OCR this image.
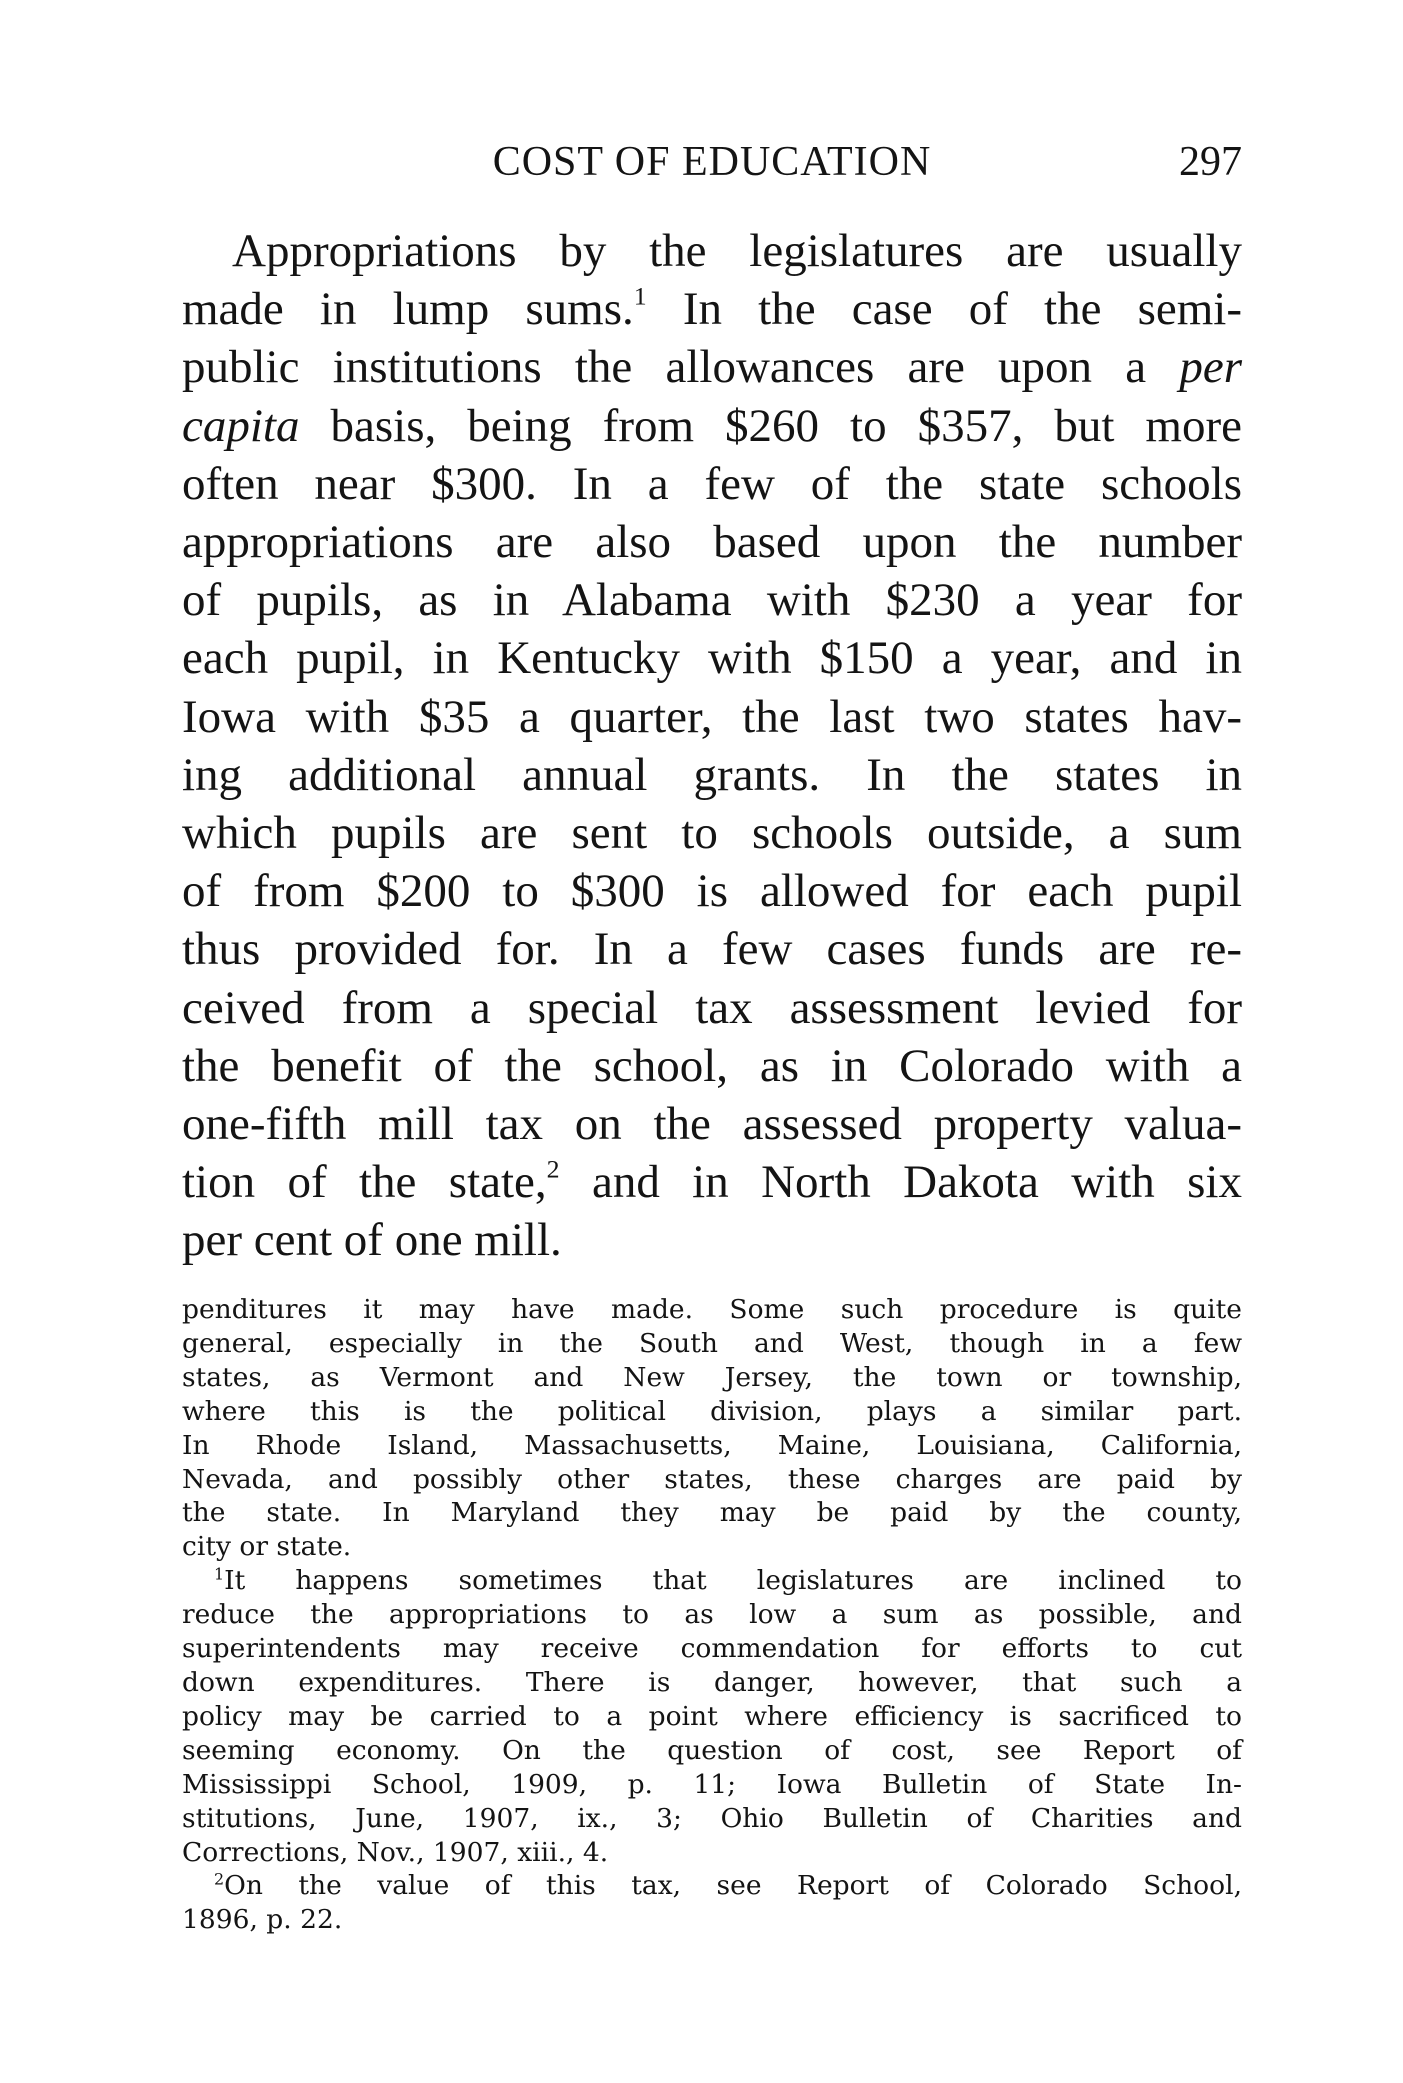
COST OF EDUCATION	297
Appropriations by the legislatures are usually
made in lump sums.$^1$ In the case of the semi-
public institutions the allowances are upon a per
capita basis, being from $260 to $357, but more
often near $300. In a few of the state schools
appropriations are also based upon the number
of pupils, as in Alabama with $230 a year for
each pupil, in Kentucky with $150 a year, and in
Iowa with $35 a quarter, the last two states hav-
ing additional annual grants. In the states in
which pupils are sent to schools outside, a sum
of from $200 to $300 is allowed for each pupil
thus provided for. In a few cases funds are re-
ceived from a special tax assessment levied for
the benefit of the school, as in Colorado with a
one-fifth mill tax on the assessed property valua-
tion of the state,$^2$ and in North Dakota with six
per cent of one mill.
penditures it may have made. Some such procedure is quite
general, especially in the South and West, though in a few
states, as Vermont and New Jersey, the town or township,
where this is the political division, plays a similar part.
In Rhode Island, Massachusetts, Maine, Louisiana, California,
Nevada, and possibly other states, these charges are paid by
the state. In Maryland they may be paid by the county,
city or state.
$^1$It happens sometimes that legislatures are inclined to
reduce the appropriations to as low a sum as possible, and
superintendents may receive commendation for efforts to cut
down expenditures. There is danger, however, that such a
policy may be carried to a point where efficiency is sacrificed to
seeming economy. On the question of cost, see Report of
Mississippi School, 1909, p. 11; Iowa Bulletin of State In-
stitutions, June, 1907, ix., 3; Ohio Bulletin of Charities and
Corrections, Nov., 1907, xiii., 4.
$^2$On the value of this tax, see Report of Colorado School,
1896, p. 22.
